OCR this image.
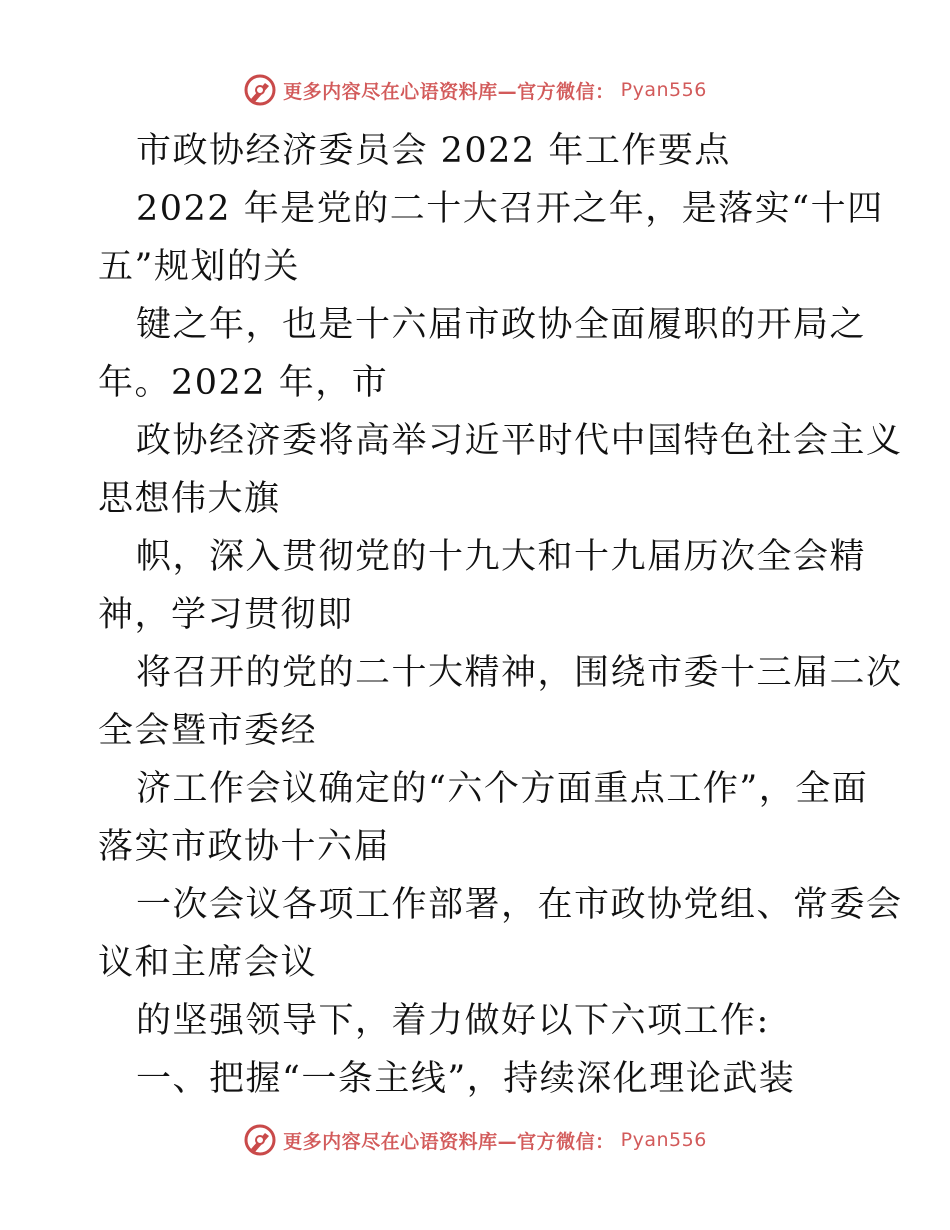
更多内容尽在心语资料库—官方微信： Pyan556
市政协经济委员会 2022 年工作要点
2022 年是党的二十大召开之年，是落实“十四
五”规划的关
键之年，也是十六届市政协全面履职的开局之
年。2022 年，市
政协经济委将高举习近平时代中国特色社会主义
思想伟大旗
帜，深入贯彻党的十九大和十九届历次全会精
神，学习贯彻即
将召开的党的二十大精神，围绕市委十三届二次
全会暨市委经
济工作会议确定的“六个方面重点工作”，全面
落实市政协十六届
一次会议各项工作部署，在市政协党组、常委会
议和主席会议
的坚强领导下，着力做好以下六项工作:
一、把握“一条主线”，持续深化理论武装
更多内容尽在心语资料库—官方微信： Pyan556
